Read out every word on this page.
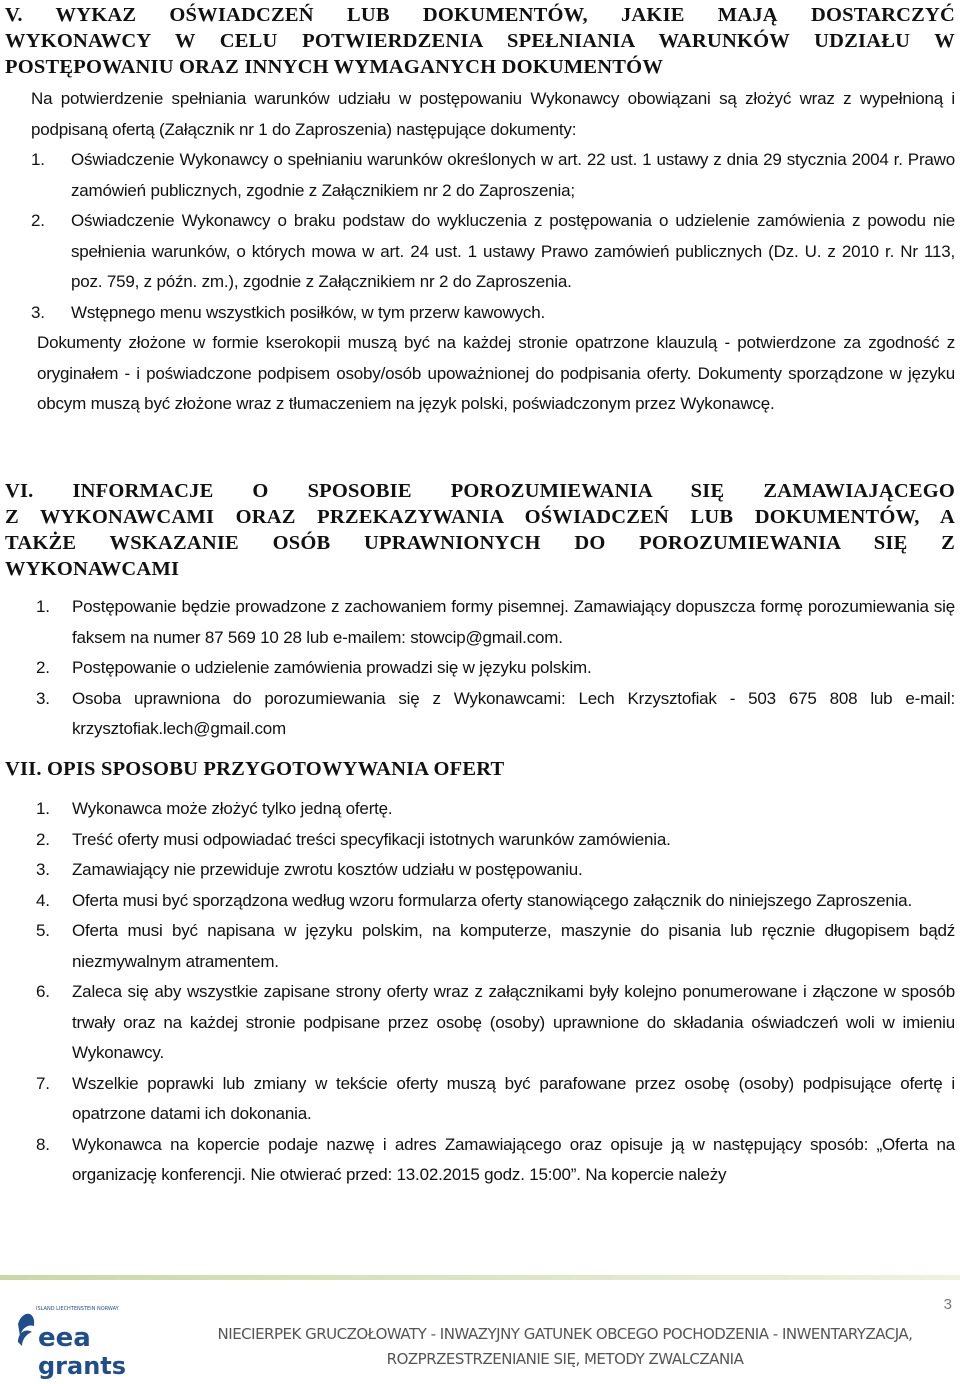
V. WYKAZ OŚWIADCZEŃ LUB DOKUMENTÓW, JAKIE MAJĄ DOSTARCZYĆ
WYKONAWCY W CELU POTWIERDZENIA SPEŁNIANIA WARUNKÓW UDZIAŁU W
POSTĘPOWANIU ORAZ INNYCH WYMAGANYCH DOKUMENTÓW

Na potwierdzenie spełniania warunków udziału w postępowaniu Wykonawcy obowiązani są złożyć wraz z wypełnioną i podpisaną ofertą (Załącznik nr 1 do Zaproszenia) następujące dokumenty:

1. Oświadczenie Wykonawcy o spełnianiu warunków określonych w art. 22 ust. 1 ustawy z dnia 29 stycznia 2004 r. Prawo zamówień publicznych, zgodnie z Załącznikiem nr 2 do Zaproszenia;
2. Oświadczenie Wykonawcy o braku podstaw do wykluczenia z postępowania o udzielenie zamówienia z powodu nie spełnienia warunków, o których mowa w art. 24 ust. 1 ustawy Prawo zamówień publicznych (Dz. U. z 2010 r. Nr 113, poz. 759, z późn. zm.), zgodnie z Załącznikiem nr 2 do Zaproszenia.
3. Wstępnego menu wszystkich posiłków, w tym przerw kawowych.

Dokumenty złożone w formie kserokopii muszą być na każdej stronie opatrzone klauzulą - potwierdzone za zgodność z oryginałem - i poświadczone podpisem osoby/osób upoważnionej do podpisania oferty. Dokumenty sporządzone w języku obcym muszą być złożone wraz z tłumaczeniem na język polski, poświadczonym przez Wykonawcę.

VI. INFORMACJE O SPOSOBIE POROZUMIEWANIA SIĘ ZAMAWIAJĄCEGO
Z WYKONAWCAMI ORAZ PRZEKAZYWANIA OŚWIADCZEŃ LUB DOKUMENTÓW, A
TAKŻE WSKAZANIE OSÓB UPRAWNIONYCH DO POROZUMIEWANIA SIĘ Z
WYKONAWCAMI
1. Postępowanie będzie prowadzone z zachowaniem formy pisemnej. Zamawiający dopuszcza formę porozumiewania się faksem na numer 87 569 10 28 lub e-mailem: stowcip@gmail.com.
2. Postępowanie o udzielenie zamówienia prowadzi się w języku polskim.
3. Osoba uprawniona do porozumiewania się z Wykonawcami: Lech Krzysztofiak - 503 675 808 lub e-mail: krzysztofiak.lech@gmail.com
VII. OPIS SPOSOBU PRZYGOTOWYWANIA OFERT
1. Wykonawca może złożyć tylko jedną ofertę.
2. Treść oferty musi odpowiadać treści specyfikacji istotnych warunków zamówienia.
3. Zamawiający nie przewiduje zwrotu kosztów udziału w postępowaniu.
4. Oferta musi być sporządzona według wzoru formularza oferty stanowiącego załącznik do niniejszego Zaproszenia.
5. Oferta musi być napisana w języku polskim, na komputerze, maszynie do pisania lub ręcznie długopisem bądź niezmywalnym atramentem.
6. Zaleca się aby wszystkie zapisane strony oferty wraz z załącznikami były kolejno ponumerowane i złączone w sposób trwały oraz na każdej stronie podpisane przez osobę (osoby) uprawnione do składania oświadczeń woli w imieniu Wykonawcy.
7. Wszelkie poprawki lub zmiany w tekście oferty muszą być parafowane przez osobę (osoby) podpisujące ofertę i opatrzone datami ich dokonania.
8. Wykonawca na kopercie podaje nazwę i adres Zamawiającego oraz opisuje ją w następujący sposób: „Oferta na organizację konferencji. Nie otwierać przed: 13.02.2015 godz. 15:00”. Na kopercie należy
3
ISLAND LIECHTENSTEIN NORWAY
eea
grants
NIECIERPEK GRUCZOŁOWATY - INWAZYJNY GATUNEK OBCEGO POCHODZENIA - INWENTARYZACJA,
ROZPRZESTRZENIANIE SIĘ, METODY ZWALCZANIA
